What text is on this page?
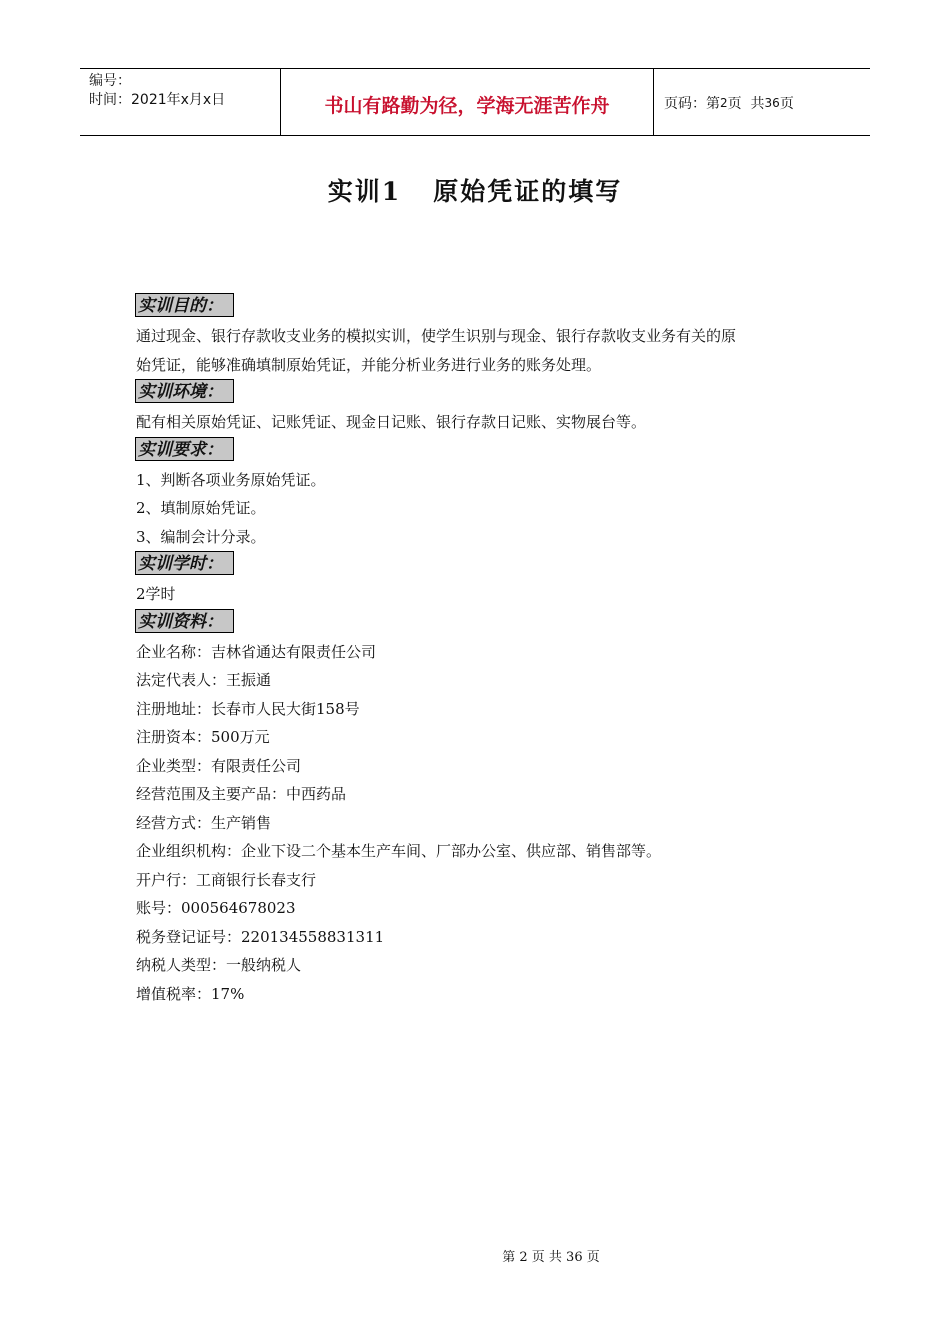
编号：
时间：2021年x月x日	书山有路勤为径，学海无涯苦作舟	页码：第 2 页  共 36 页
实训1   原始凭证的填写
实训目的：
通过现金、银行存款收支业务的模拟实训，使学生识别与现金、银行存款收支业务有关的原
始凭证，能够准确填制原始凭证，并能分析业务进行业务的账务处理。
实训环境：
配有相关原始凭证、记账凭证、现金日记账、银行存款日记账、实物展台等。
实训要求：
1、判断各项业务原始凭证。
2、填制原始凭证。
3、编制会计分录。
实训学时：
2学时
实训资料：
企业名称：吉林省通达有限责任公司
法定代表人：王振通
注册地址：长春市人民大街158号
注册资本：500万元
企业类型：有限责任公司
经营范围及主要产品：中西药品
经营方式：生产销售
企业组织机构：企业下设二个基本生产车间、厂部办公室、供应部、销售部等。
开户行：工商银行长春支行
账号：000564678023
税务登记证号：220134558831311
纳税人类型：一般纳税人
增值税率：17%
第 2 页 共 36 页
